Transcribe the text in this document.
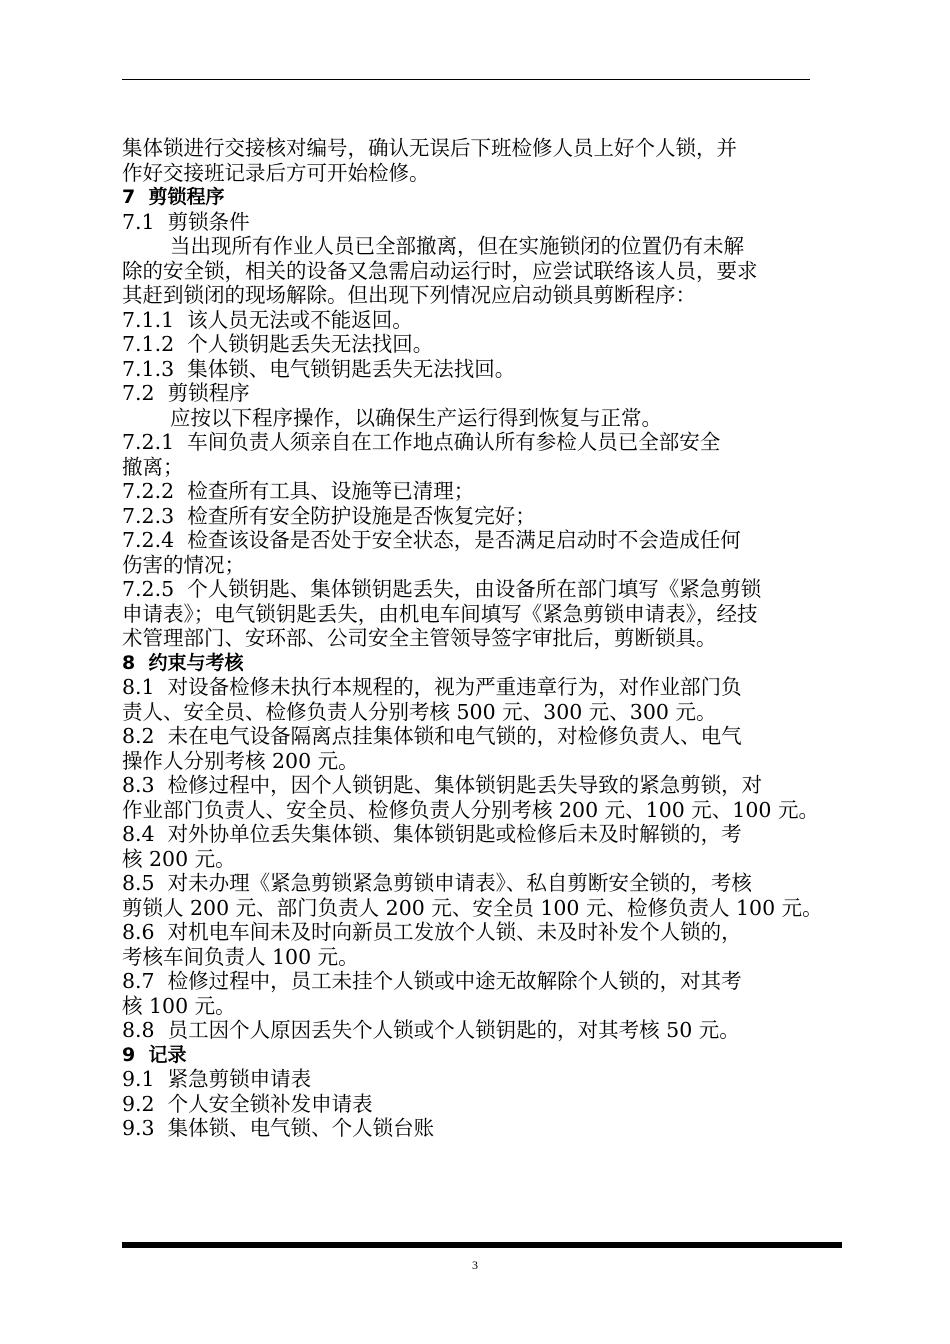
集体锁进行交接核对编号，确认无误后下班检修人员上好个人锁，并
作好交接班记录后方可开始检修。
7  剪锁程序
7.1  剪锁条件
当出现所有作业人员已全部撤离，但在实施锁闭的位置仍有未解
除的安全锁，相关的设备又急需启动运行时，应尝试联络该人员，要求
其赶到锁闭的现场解除。但出现下列情况应启动锁具剪断程序：
7.1.1  该人员无法或不能返回。
7.1.2  个人锁钥匙丢失无法找回。
7.1.3  集体锁、电气锁钥匙丢失无法找回。
7.2  剪锁程序
应按以下程序操作，以确保生产运行得到恢复与正常。
7.2.1  车间负责人须亲自在工作地点确认所有参检人员已全部安全
撤离；
7.2.2  检查所有工具、设施等已清理；
7.2.3  检查所有安全防护设施是否恢复完好；
7.2.4  检查该设备是否处于安全状态，是否满足启动时不会造成任何
伤害的情况；
7.2.5  个人锁钥匙、集体锁钥匙丢失，由设备所在部门填写《紧急剪锁
申请表》；电气锁钥匙丢失，由机电车间填写《紧急剪锁申请表》，经技
术管理部门、安环部、公司安全主管领导签字审批后，剪断锁具。
8  约束与考核
8.1  对设备检修未执行本规程的，视为严重违章行为，对作业部门负
责人、安全员、检修负责人分别考核 500 元、300 元、300 元。
8.2  未在电气设备隔离点挂集体锁和电气锁的，对检修负责人、电气
操作人分别考核 200 元。
8.3  检修过程中，因个人锁钥匙、集体锁钥匙丢失导致的紧急剪锁，对
作业部门负责人、安全员、检修负责人分别考核 200 元、100 元、100 元。
8.4  对外协单位丢失集体锁、集体锁钥匙或检修后未及时解锁的，考
核 200 元。
8.5  对未办理《紧急剪锁紧急剪锁申请表》、私自剪断安全锁的，考核
剪锁人 200 元、部门负责人 200 元、安全员 100 元、检修负责人 100 元。
8.6  对机电车间未及时向新员工发放个人锁、未及时补发个人锁的，
考核车间负责人 100 元。
8.7  检修过程中，员工未挂个人锁或中途无故解除个人锁的，对其考
核 100 元。
8.8  员工因个人原因丢失个人锁或个人锁钥匙的，对其考核 50 元。
9  记录
9.1  紧急剪锁申请表
9.2  个人安全锁补发申请表
9.3  集体锁、电气锁、个人锁台账
3
